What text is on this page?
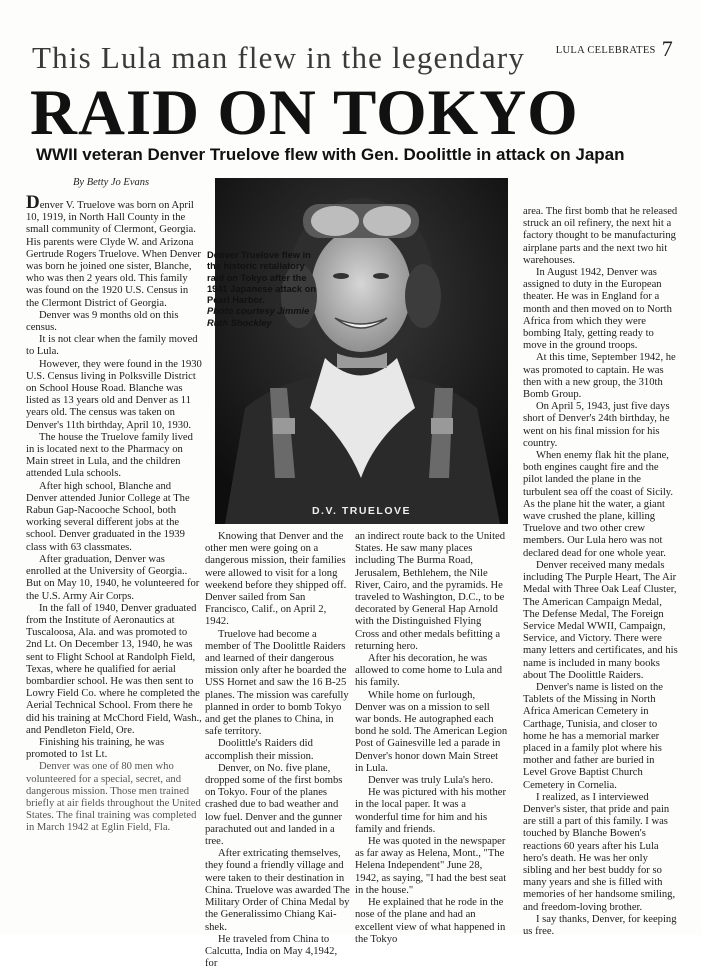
LULA CELEBRATES 7
This Lula man flew in the legendary
RAID ON TOKYO
WWII veteran Denver Truelove flew with Gen. Doolittle in attack on Japan
By Betty Jo Evans
D.V. TRUELOVE
Denver Truelove flew in the historic retaliatory raid on Tokyo after the 1941 Japanese attack on Pearl Harbor.
Photo courtesy Jimmie Ruth Shockley

Denver V. Truelove was born on April 10, 1919, in North Hall County in the small community of Clermont, Georgia. His parents were Clyde W. and Arizona Gertrude Rogers Truelove. When Denver was born he joined one sister, Blanche, who was then 2 years old. This family was found on the 1920 U.S. Census in the Clermont District of Georgia.

Denver was 9 months old on this census.

It is not clear when the family moved to Lula.

However, they were found in the 1930 U.S. Census living in Polksville District on School House Road. Blanche was listed as 13 years old and Denver as 11 years old. The census was taken on Denver's 11th birthday, April 10, 1930.

The house the Truelove family lived in is located next to the Pharmacy on Main street in Lula, and the children attended Lula schools.

After high school, Blanche and Denver attended Junior College at The Rabun Gap-Nacooche School, both working several different jobs at the school. Denver graduated in the 1939 class with 63 classmates.

After graduation, Denver was enrolled at the University of Georgia.. But on May 10, 1940, he volunteered for the U.S. Army Air Corps.

In the fall of 1940, Denver graduated from the Institute of Aeronautics at Tuscaloosa, Ala. and was promoted to 2nd Lt. On December 13, 1940, he was sent to Flight School at Randolph Field, Texas, where he qualified for aerial bombardier school. He was then sent to Lowry Field Co. where he completed the Aerial Technical School. From there he did his training at McChord Field, Wash., and Pendleton Field, Ore.

Finishing his training, he was promoted to 1st Lt.

Denver was one of 80 men who volunteered for a special, secret, and dangerous mission. Those men trained briefly at air fields throughout the United States. The final training was completed in March 1942 at Eglin Field, Fla.

Knowing that Denver and the other men were going on a dangerous mission, their families were allowed to visit for a long weekend before they shipped off. Denver sailed from San Francisco, Calif., on April 2, 1942.

Truelove had become a member of The Doolittle Raiders and learned of their dangerous mission only after he boarded the USS Hornet and saw the 16 B-25 planes. The mission was carefully planned in order to bomb Tokyo and get the planes to China, in safe territory.

Doolittle's Raiders did accomplish their mission.

Denver, on No. five plane, dropped some of the first bombs on Tokyo. Four of the planes crashed due to bad weather and low fuel. Denver and the gunner parachuted out and landed in a tree.

After extricating themselves, they found a friendly village and were taken to their destination in China. Truelove was awarded The Military Order of China Medal by the Generalissimo Chiang Kai-shek.

He traveled from China to Calcutta, India on May 4,1942, for

an indirect route back to the United States. He saw many places including The Burma Road, Jerusalem, Bethlehem, the Nile River, Cairo, and the pyramids. He traveled to Washington, D.C., to be decorated by General Hap Arnold with the Distinguished Flying Cross and other medals befitting a returning hero.

After his decoration, he was allowed to come home to Lula and his family.

While home on furlough, Denver was on a mission to sell war bonds. He autographed each bond he sold. The American Legion Post of Gainesville led a parade in Denver's honor down Main Street in Lula.

Denver was truly Lula's hero.

He was pictured with his mother in the local paper. It was a wonderful time for him and his family and friends.

He was quoted in the newspaper as far away as Helena, Mont., "The Helena Independent" June 28, 1942, as saying, "I had the best seat in the house."

He explained that he rode in the nose of the plane and had an excellent view of what happened in the Tokyo

area. The first bomb that he released struck an oil refinery, the next hit a factory thought to be manufacturing airplane parts and the next two hit warehouses.

In August 1942, Denver was assigned to duty in the European theater. He was in England for a month and then moved on to North Africa from which they were bombing Italy, getting ready to move in the ground troops.

At this time, September 1942, he was promoted to captain. He was then with a new group, the 310th Bomb Group.

On April 5, 1943, just five days short of Denver's 24th birthday, he went on his final mission for his country.

When enemy flak hit the plane, both engines caught fire and the pilot landed the plane in the turbulent sea off the coast of Sicily. As the plane hit the water, a giant wave crushed the plane, killing Truelove and two other crew members. Our Lula hero was not declared dead for one whole year.

Denver received many medals including The Purple Heart, The Air Medal with Three Oak Leaf Cluster, The American Campaign Medal, The Defense Medal, The Foreign Service Medal WWII, Campaign, Service, and Victory. There were many letters and certificates, and his name is included in many books about The Doolittle Raiders.

Denver's name is listed on the Tablets of the Missing in North Africa American Cemetery in Carthage, Tunisia, and closer to home he has a memorial marker placed in a family plot where his mother and father are buried in Level Grove Baptist Church Cemetery in Cornelia.

I realized, as I interviewed Denver's sister, that pride and pain are still a part of this family. I was touched by Blanche Bowen's reactions 60 years after his Lula hero's death. He was her only sibling and her best buddy for so many years and she is filled with memories of her handsome smiling, and freedom-loving brother.

I say thanks, Denver, for keeping us free.
